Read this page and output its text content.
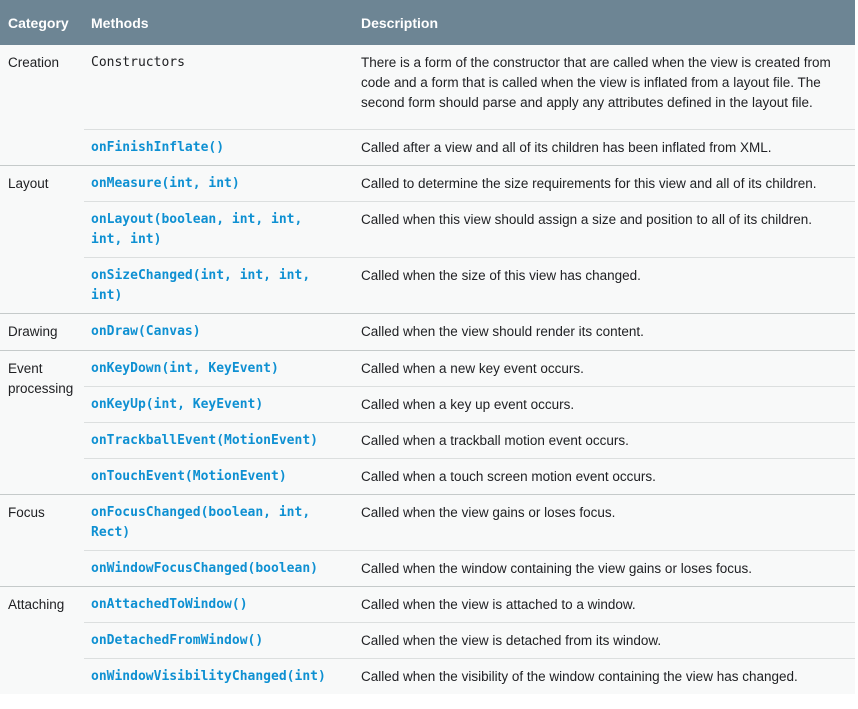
Category	Methods	Description
Creation	Constructors	There is a form of the constructor that are called when the view is created from code and a form that is called when the view is inflated from a layout file. The second form should parse and apply any attributes defined in the layout file.
	onFinishInflate()	Called after a view and all of its children has been inflated from XML.
Layout	onMeasure(int, int)	Called to determine the size requirements for this view and all of its children.
	onLayout(boolean, int, int, int, int)	Called when this view should assign a size and position to all of its children.
	onSizeChanged(int, int, int, int)	Called when the size of this view has changed.
Drawing	onDraw(Canvas)	Called when the view should render its content.
Event processing	onKeyDown(int, KeyEvent)	Called when a new key event occurs.
	onKeyUp(int, KeyEvent)	Called when a key up event occurs.
	onTrackballEvent(MotionEvent)	Called when a trackball motion event occurs.
	onTouchEvent(MotionEvent)	Called when a touch screen motion event occurs.
Focus	onFocusChanged(boolean, int, Rect)	Called when the view gains or loses focus.
	onWindowFocusChanged(boolean)	Called when the window containing the view gains or loses focus.
Attaching	onAttachedToWindow()	Called when the view is attached to a window.
	onDetachedFromWindow()	Called when the view is detached from its window.
	onWindowVisibilityChanged(int)	Called when the visibility of the window containing the view has changed.
